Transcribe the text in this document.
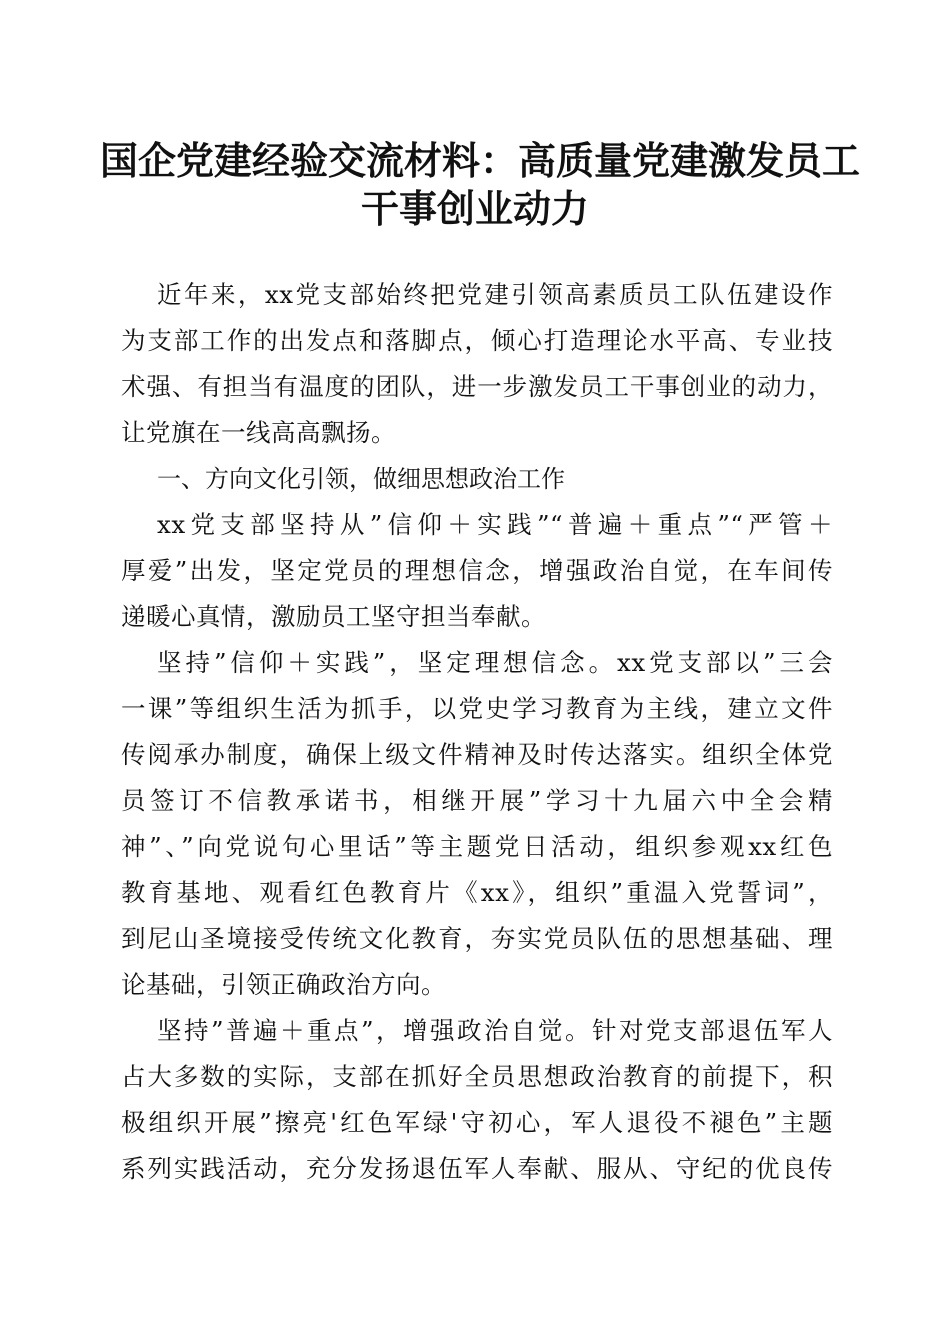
国企党建经验交流材料：高质量党建激发员工
干事创业动力
近年来，xx党支部始终把党建引领高素质员工队伍建设作
为支部工作的出发点和落脚点，倾心打造理论水平高、专业技
术强、有担当有温度的团队，进一步激发员工干事创业的动力，
让党旗在一线高高飘扬。
一、方向文化引领，做细思想政治工作
xx党支部坚持从”信仰＋实践”“普遍＋重点”“严管＋
厚爱”出发，坚定党员的理想信念，增强政治自觉，在车间传
递暖心真情，激励员工坚守担当奉献。
坚持”信仰＋实践”，坚定理想信念。xx党支部以”三会
一课”等组织生活为抓手，以党史学习教育为主线，建立文件
传阅承办制度，确保上级文件精神及时传达落实。组织全体党
员签订不信教承诺书，相继开展”学习十九届六中全会精
神”、”向党说句心里话”等主题党日活动，组织参观xx红色
教育基地、观看红色教育片《xx》，组织”重温入党誓词”，
到尼山圣境接受传统文化教育，夯实党员队伍的思想基础、理
论基础，引领正确政治方向。
坚持”普遍＋重点”，增强政治自觉。针对党支部退伍军人
占大多数的实际，支部在抓好全员思想政治教育的前提下，积
极组织开展”擦亮'红色军绿'守初心，军人退役不褪色”主题
系列实践活动，充分发扬退伍军人奉献、服从、守纪的优良传
